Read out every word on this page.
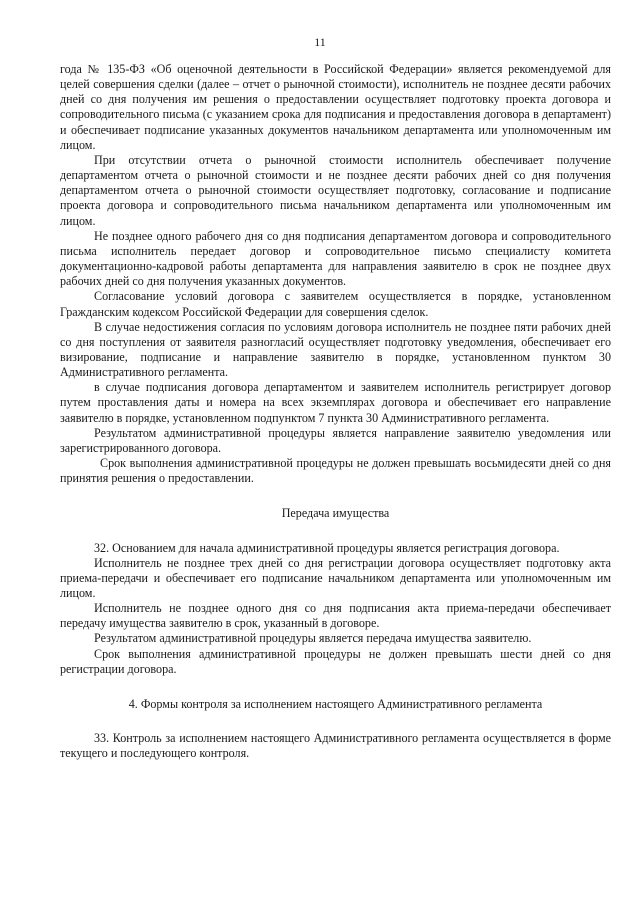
11

года № 135-ФЗ «Об оценочной деятельности в Российской Федерации» является рекомендуемой для целей совершения сделки (далее – отчет о рыночной стоимости), исполнитель не позднее десяти рабочих дней со дня получения им решения о предоставлении осуществляет подготовку проекта договора и сопроводительного письма (с указанием срока для подписания и предоставления договора в департамент) и обеспечивает подписание указанных документов начальником департамента или уполномоченным им лицом.

При отсутствии отчета о рыночной стоимости исполнитель обеспечивает получение департаментом отчета о рыночной стоимости и не позднее десяти рабочих дней со дня получения департаментом отчета о рыночной стоимости осуществляет подготовку, согласование и подписание проекта договора и сопроводительного письма начальником департамента или уполномоченным им лицом.

Не позднее одного рабочего дня со дня подписания департаментом договора и сопроводительного письма исполнитель передает договор и сопроводительное письмо специалисту комитета документационно-кадровой работы департамента для направления заявителю в срок не позднее двух рабочих дней со дня получения указанных документов.

Согласование условий договора с заявителем осуществляется в порядке, установленном Гражданским кодексом Российской Федерации для совершения сделок.

В случае недостижения согласия по условиям договора исполнитель не позднее пяти рабочих дней со дня поступления от заявителя разногласий осуществляет подготовку уведомления, обеспечивает его визирование, подписание и направление заявителю в порядке, установленном пунктом 30 Административного регламента.

в случае подписания договора департаментом и заявителем исполнитель регистрирует договор путем проставления даты и номера на всех экземплярах договора и обеспечивает его направление заявителю в порядке, установленном подпунктом 7 пункта 30 Административного регламента.

Результатом административной процедуры является направление заявителю уведомления или зарегистрированного договора.

Срок выполнения административной процедуры не должен превышать восьмидесяти дней со дня принятия решения о предоставлении.

Передача имущества

32. Основанием для начала административной процедуры является регистрация договора.

Исполнитель не позднее трех дней со дня регистрации договора осуществляет подготовку акта приема-передачи и обеспечивает его подписание начальником департамента или уполномоченным им лицом.

Исполнитель не позднее одного дня со дня подписания акта приема-передачи обеспечивает передачу имущества заявителю в срок, указанный в договоре.

Результатом административной процедуры является передача имущества заявителю.

Срок выполнения административной процедуры не должен превышать шести дней со дня регистрации договора.

4. Формы контроля за исполнением настоящего Административного регламента

33. Контроль за исполнением настоящего Административного регламента осуществляется в форме текущего и последующего контроля.
